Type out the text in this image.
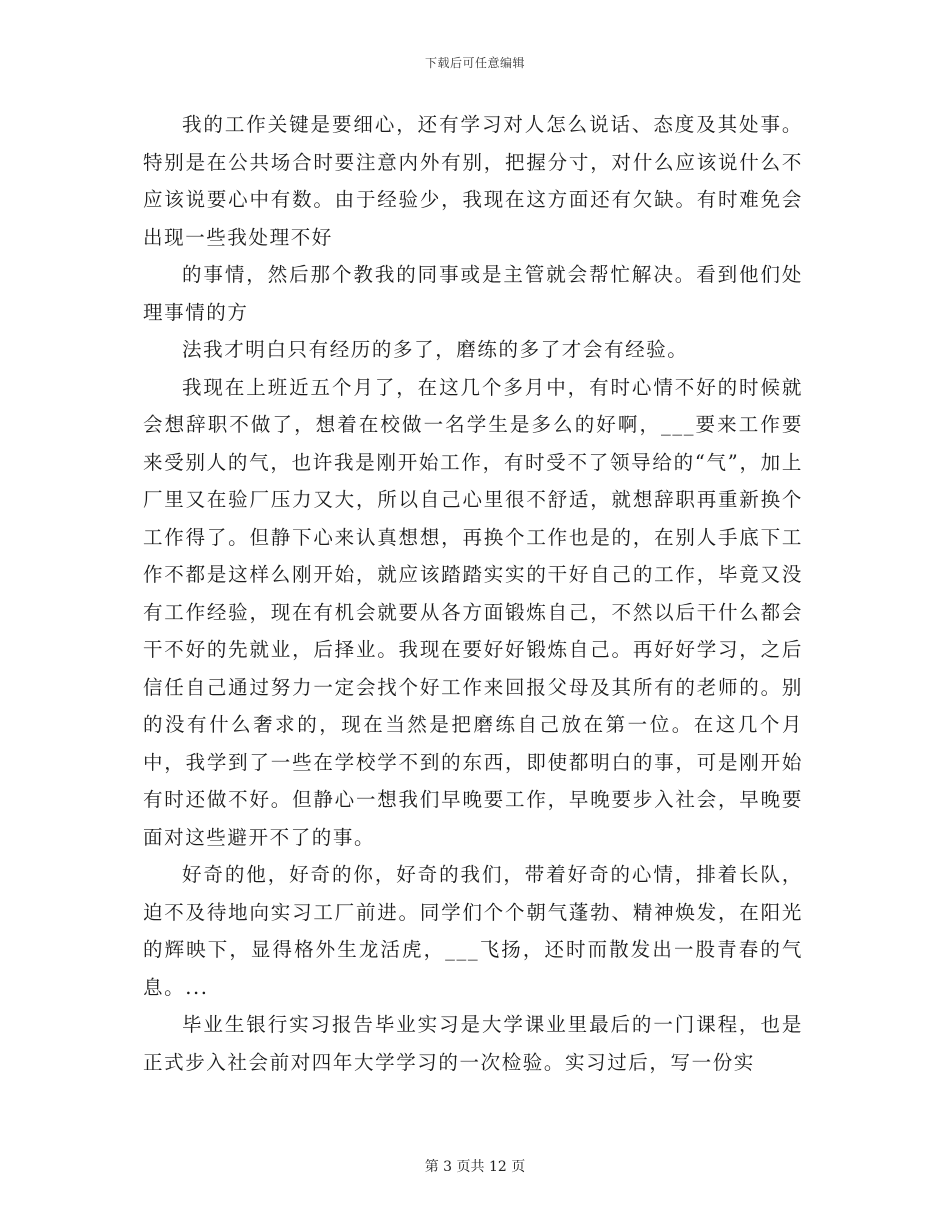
下载后可任意编辑

我的工作关键是要细心，还有学习对人怎么说话、态度及其处事。特别是在公共场合时要注意内外有别，把握分寸，对什么应该说什么不应该说要心中有数。由于经验少，我现在这方面还有欠缺。有时难免会出现一些我处理不好

的事情，然后那个教我的同事或是主管就会帮忙解决。看到他们处理事情的方

法我才明白只有经历的多了，磨练的多了才会有经验。

我现在上班近五个月了，在这几个多月中，有时心情不好的时候就会想辞职不做了，想着在校做一名学生是多么的好啊，___要来工作要来受别人的气，也许我是刚开始工作，有时受不了领导给的“气”，加上厂里又在验厂压力又大，所以自己心里很不舒适，就想辞职再重新换个工作得了。但静下心来认真想想，再换个工作也是的，在别人手底下工作不都是这样么刚开始，就应该踏踏实实的干好自己的工作，毕竟又没有工作经验，现在有机会就要从各方面锻炼自己，不然以后干什么都会干不好的先就业，后择业。我现在要好好锻炼自己。再好好学习，之后信任自己通过努力一定会找个好工作来回报父母及其所有的老师的。别的没有什么奢求的，现在当然是把磨练自己放在第一位。在这几个月中，我学到了一些在学校学不到的东西，即使都明白的事，可是刚开始有时还做不好。但静心一想我们早晚要工作，早晚要步入社会，早晚要面对这些避开不了的事。

好奇的他，好奇的你，好奇的我们，带着好奇的心情，排着长队，迫不及待地向实习工厂前进。同学们个个朝气蓬勃、精神焕发，在阳光的辉映下，显得格外生龙活虎，___飞扬，还时而散发出一股青春的气息。...

毕业生银行实习报告毕业实习是大学课业里最后的一门课程，也是正式步入社会前对四年大学学习的一次检验。实习过后，写一份实

第 3 页共 12 页
